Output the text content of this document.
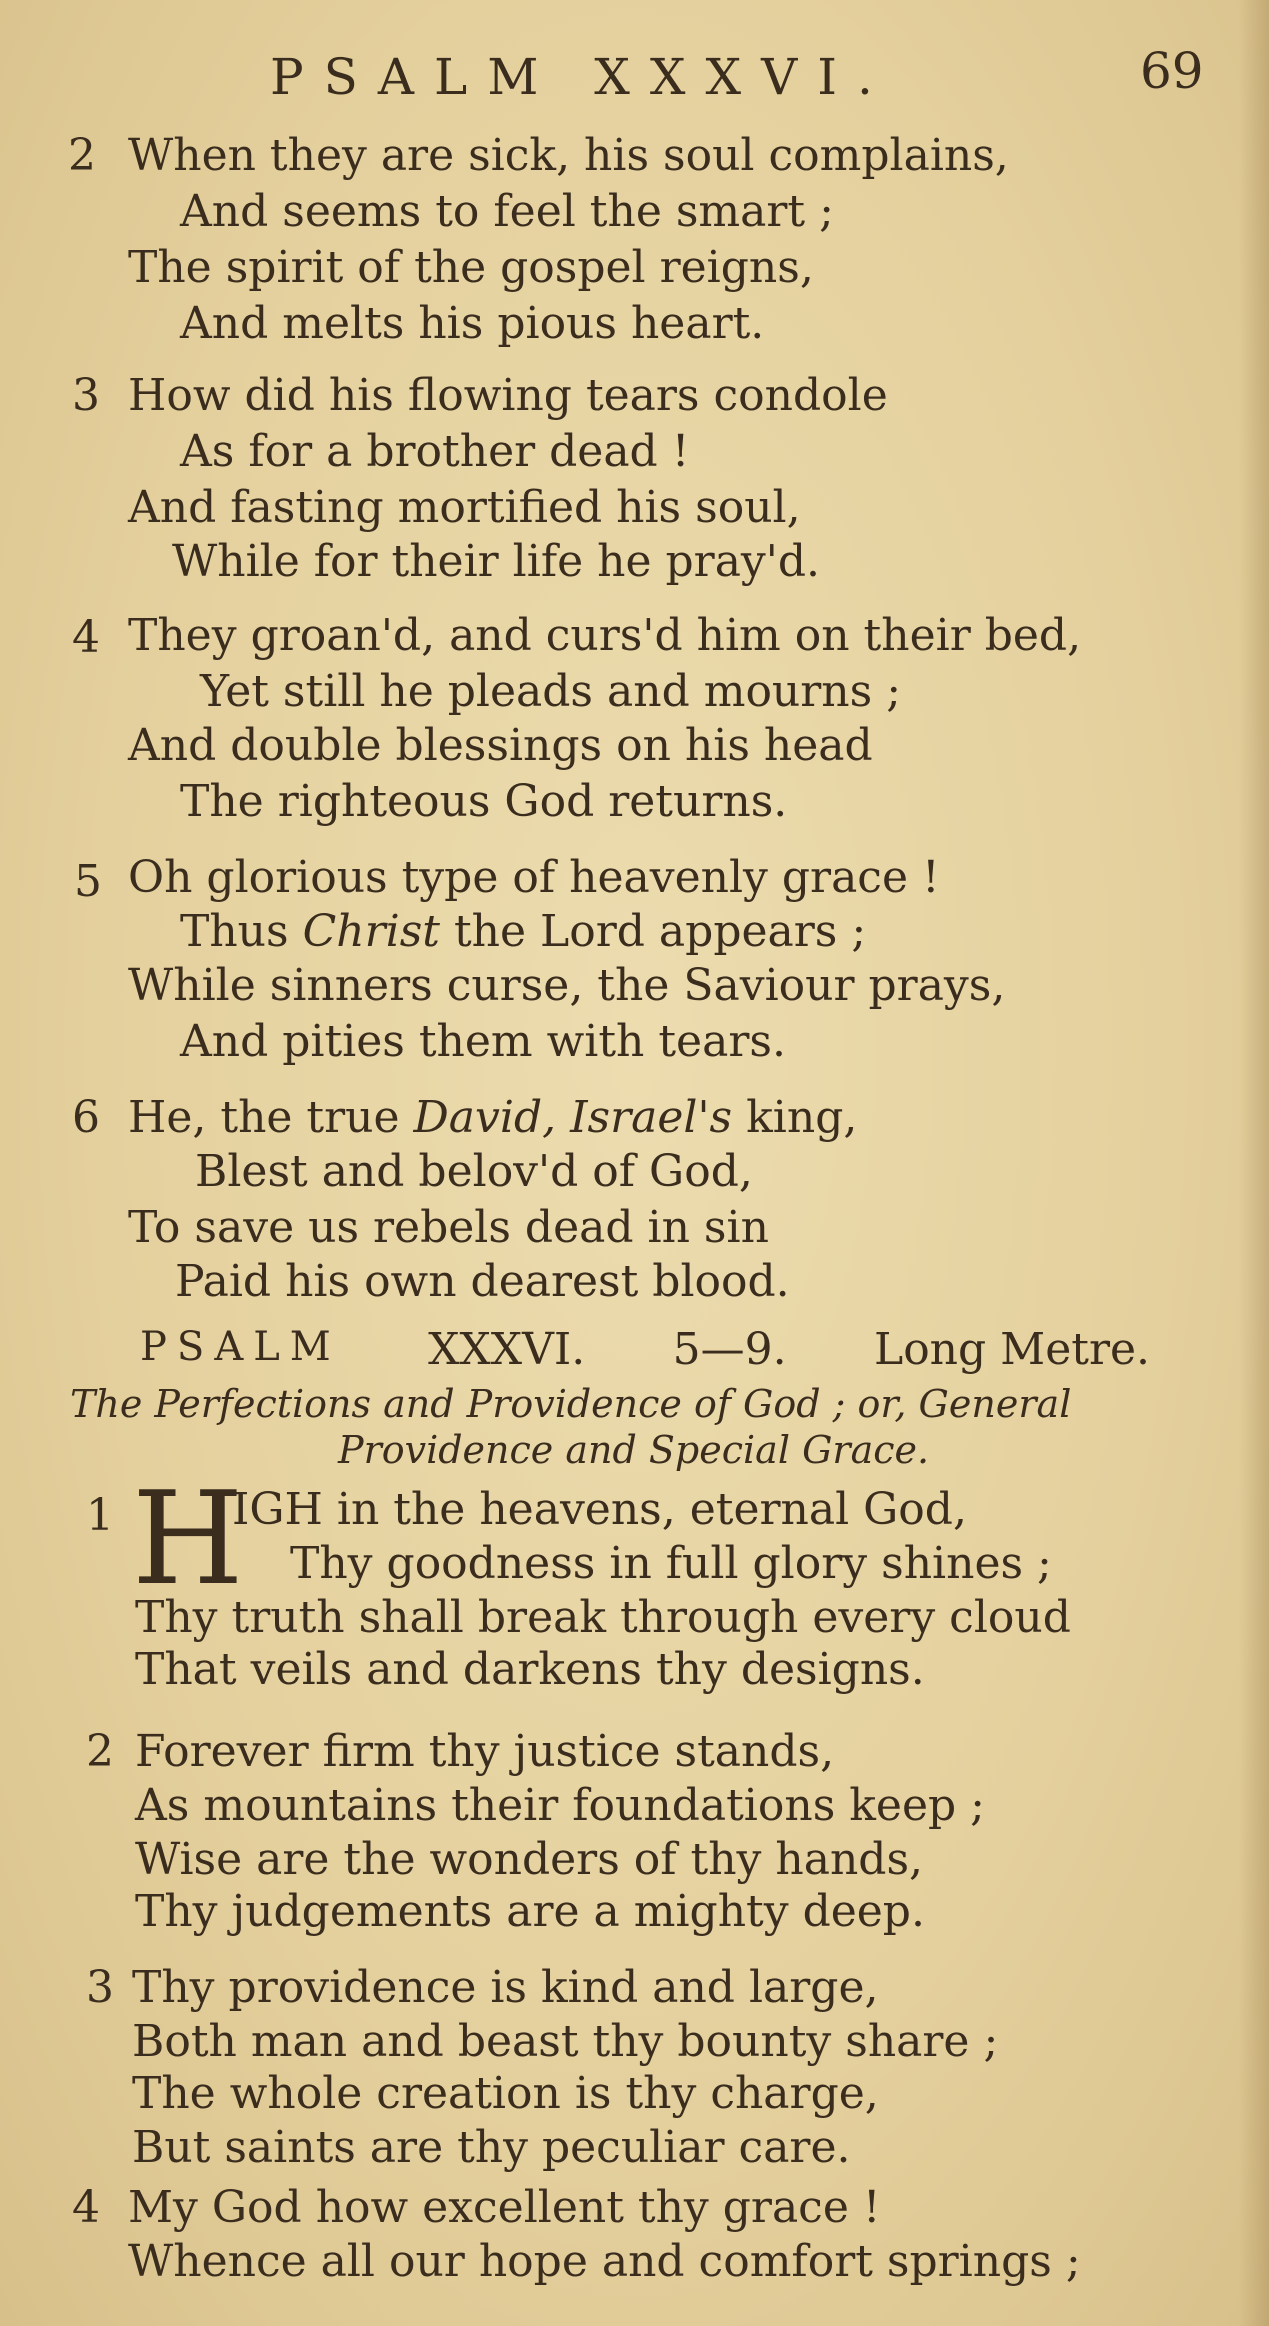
PSALM XXXVI.	69
2 When they are sick, his soul complains,
And seems to feel the smart ;
The spirit of the gospel reigns,
And melts his pious heart.
3 How did his flowing tears condole
As for a brother dead !
And fasting mortified his soul,
While for their life he pray'd.
4 They groan'd, and curs'd him on their bed,
Yet still he pleads and mourns ;
And double blessings on his head
The righteous God returns.
5 Oh glorious type of heavenly grace !
Thus Christ the Lord appears ;
While sinners curse, the Saviour prays,
And pities them with tears.
6 He, the true David, Israel's king,
Blest and belov'd of God,
To save us rebels dead in sin
Paid his own dearest blood.
PSALM XXXVI. 5—9. Long Metre.
The Perfections and Providence of God ; or, General
Providence and Special Grace.
1 H
IGH in the heavens, eternal God,
Thy goodness in full glory shines ;
Thy truth shall break through every cloud
That veils and darkens thy designs.
2 Forever firm thy justice stands,
As mountains their foundations keep ;
Wise are the wonders of thy hands,
Thy judgements are a mighty deep.
3 Thy providence is kind and large,
Both man and beast thy bounty share ;
The whole creation is thy charge,
But saints are thy peculiar care.
4 My God how excellent thy grace !
Whence all our hope and comfort springs ;
